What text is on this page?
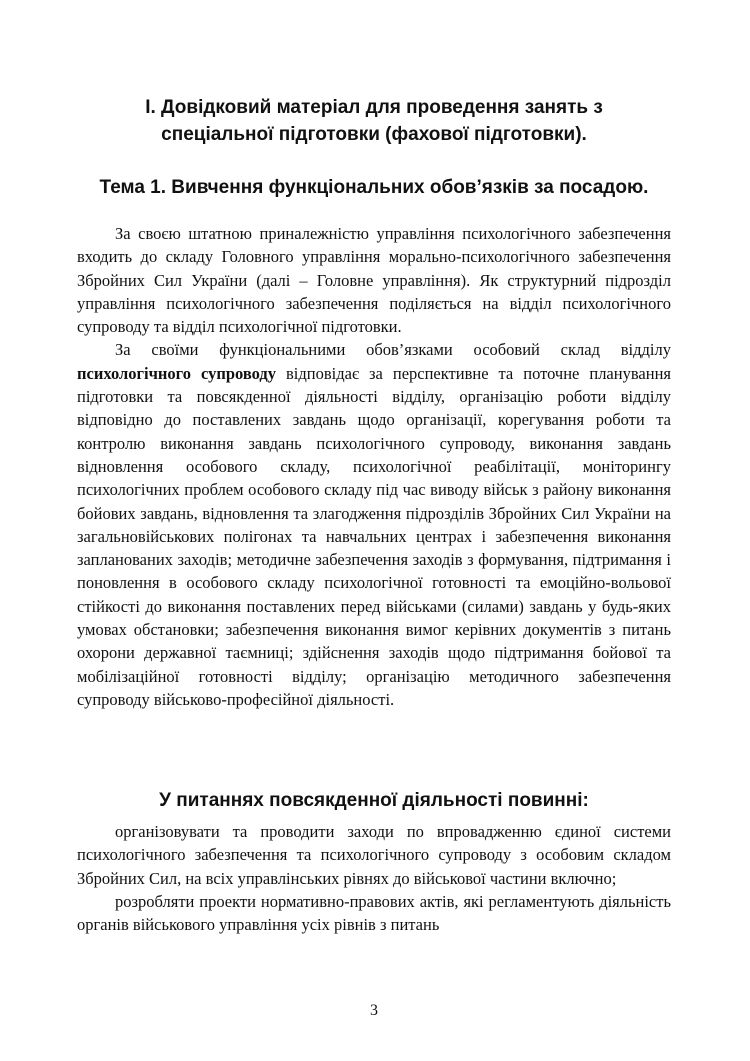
І. Довідковий матеріал для проведення занять з
спеціальної підготовки (фахової підготовки).
Тема 1. Вивчення функціональних обов’язків за посадою.

За своєю штатною приналежністю управління психологічного забезпечення входить до складу Головного управління морально-психологічного забезпечення Збройних Сил України (далі – Головне управління). Як структурний підрозділ управління психологічного забезпечення поділяється на відділ психологічного супроводу та відділ психологічної підготовки.

За своїми функціональними обов’язками особовий склад відділу психологічного супроводу відповідає за перспективне та поточне планування підготовки та повсякденної діяльності відділу, організацію роботи відділу відповідно до поставлених завдань щодо організації, корегування роботи та контролю виконання завдань психологічного супроводу, виконання завдань відновлення особового складу, психологічної реабілітації, моніторингу психологічних проблем особового складу під час виводу військ з району виконання бойових завдань, відновлення та злагодження підрозділів Збройних Сил України на загальновійськових полігонах та навчальних центрах і забезпечення виконання запланованих заходів; методичне забезпечення заходів з формування, підтримання і поновлення в особового складу психологічної готовності та емоційно-вольової стійкості до виконання поставлених перед військами (силами) завдань у будь-яких умовах обстановки; забезпечення виконання вимог керівних документів з питань охорони державної таємниці; здійснення заходів щодо підтримання бойової та мобілізаційної готовності відділу; організацію методичного забезпечення супроводу військово-професійної діяльності.

У питаннях повсякденної діяльності повинні:

організовувати та проводити заходи по впровадженню єдиної системи психологічного забезпечення та психологічного супроводу з особовим складом Збройних Сил, на всіх управлінських рівнях до військової частини включно;

розробляти проекти нормативно-правових актів, які регламентують діяльність органів військового управління усіх рівнів з питань

3
